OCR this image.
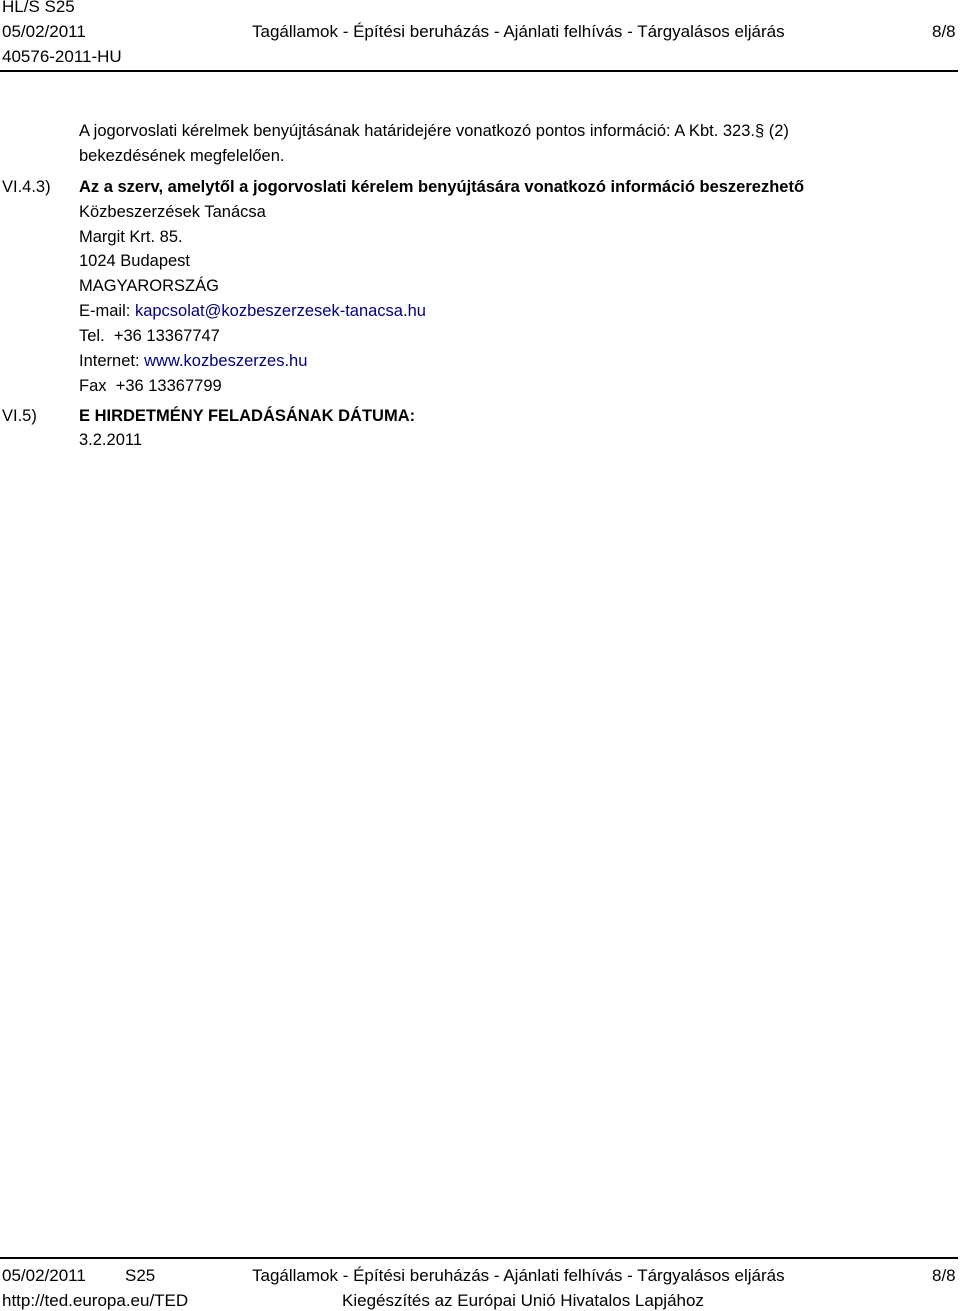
HL/S S25
05/02/2011
40576-2011-HU
Tagállamok - Építési beruházás - Ajánlati felhívás - Tárgyalásos eljárás	8/8
A jogorvoslati kérelmek benyújtásának határidejére vonatkozó pontos információ: A Kbt. 323.§ (2)
bekezdésének megfelelően.
VI.4.3) Az a szerv, amelytől a jogorvoslati kérelem benyújtására vonatkozó információ beszerezhető
Közbeszerzések Tanácsa
Margit Krt. 85.
1024 Budapest
MAGYARORSZÁG
E-mail: kapcsolat@kozbeszerzesek-tanacsa.hu
Tel. +36 13367747
Internet: www.kozbeszerzes.hu
Fax +36 13367799
VI.5)	E HIRDETMÉNY FELADÁSÁNAK DÁTUMA:
3.2.2011
05/02/2011 S25	Tagállamok - Építési beruházás - Ajánlati felhívás - Tárgyalásos eljárás	8/8
http://ted.europa.eu/TED	Kiegészítés az Európai Unió Hivatalos Lapjához
